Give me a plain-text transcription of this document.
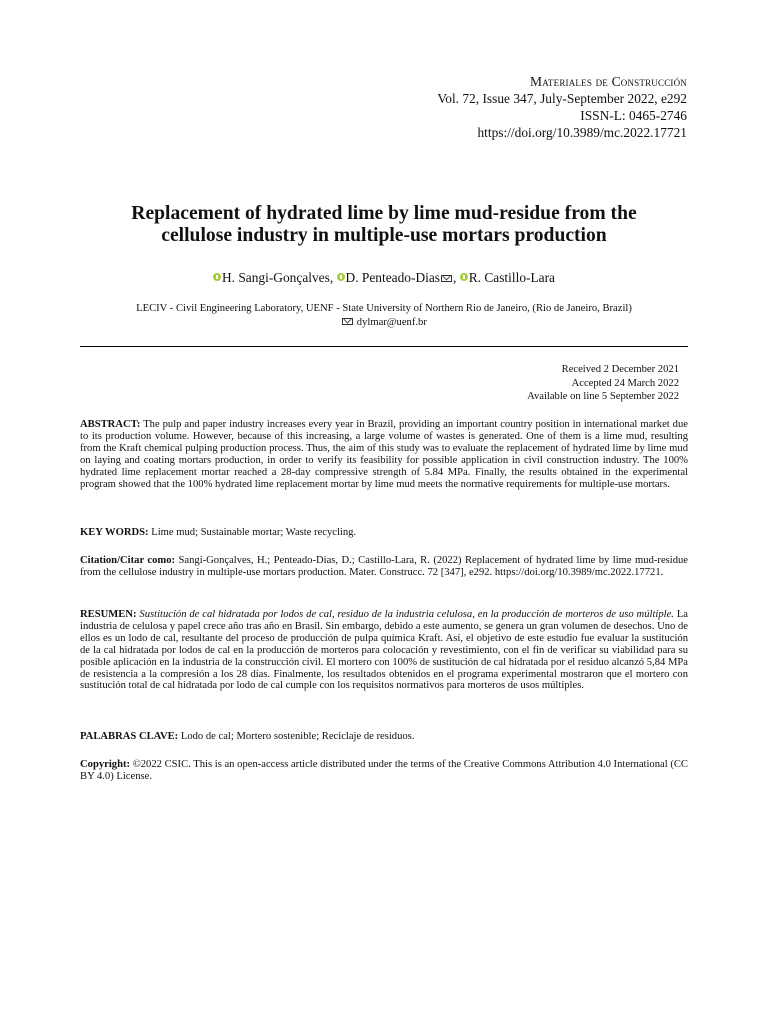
Materiales de Construcción
Vol. 72, Issue 347, July-September 2022, e292
ISSN-L: 0465-2746
https://doi.org/10.3989/mc.2022.17721
Replacement of hydrated lime by lime mud-residue from the
cellulose industry in multiple-use mortars production
H. Sangi-Gonçalves, D. Penteado-Dias , R. Castillo-Lara
LECIV - Civil Engineering Laboratory, UENF - State University of Northern Rio de Janeiro, (Rio de Janeiro, Brazil)
dylmar@uenf.br
Received 2 December 2021
Accepted 24 March 2022
Available on line 5 September 2022
ABSTRACT: The pulp and paper industry increases every year in Brazil, providing an important country position in international market due to its production volume. However, because of this increasing, a large volume of wastes is generated. One of them is a lime mud, resulting from the Kraft chemical pulping production process. Thus, the aim of this study was to evaluate the replacement of hydrated lime by lime mud on laying and coating mortars production, in order to verify its feasibility for possible application in civil construction industry. The 100% hydrated lime replacement mortar reached a 28-day compressive strength of 5.84 MPa. Finally, the results obtained in the experimental program showed that the 100% hydrated lime replacement mortar by lime mud meets the normative requirements for multiple-use mortars.
KEY WORDS: Lime mud; Sustainable mortar; Waste recycling.
Citation/Citar como: Sangi-Gonçalves, H.; Penteado-Dias, D.; Castillo-Lara, R. (2022) Replacement of hydrated lime by lime mud-residue from the cellulose industry in multiple-use mortars production. Mater. Construcc. 72 [347], e292. https://doi.org/10.3989/mc.2022.17721.
RESUMEN: Sustitución de cal hidratada por lodos de cal, residuo de la industria celulosa, en la producción de morteros de uso múltiple. La industria de celulosa y papel crece año tras año en Brasil. Sin embargo, debido a este aumento, se genera un gran volumen de desechos. Uno de ellos es un lodo de cal, resultante del proceso de producción de pulpa química Kraft. Así, el objetivo de este estudio fue evaluar la sustitución de la cal hidratada por lodos de cal en la producción de morteros para colocación y revestimiento, con el fin de verificar su viabilidad para su posible aplicación en la industria de la construcción civil. El mortero con 100% de sustitución de cal hidratada por el residuo alcanzó 5,84 MPa de resistencia a la compresión a los 28 días. Finalmente, los resultados obtenidos en el programa experimental mostraron que el mortero con sustitución total de cal hidratada por lodo de cal cumple con los requisitos normativos para morteros de usos múltiples.
PALABRAS CLAVE: Lodo de cal; Mortero sostenible; Reciclaje de residuos.
Copyright: ©2022 CSIC. This is an open-access article distributed under the terms of the Creative Commons Attribution 4.0 International (CC BY 4.0) License.
